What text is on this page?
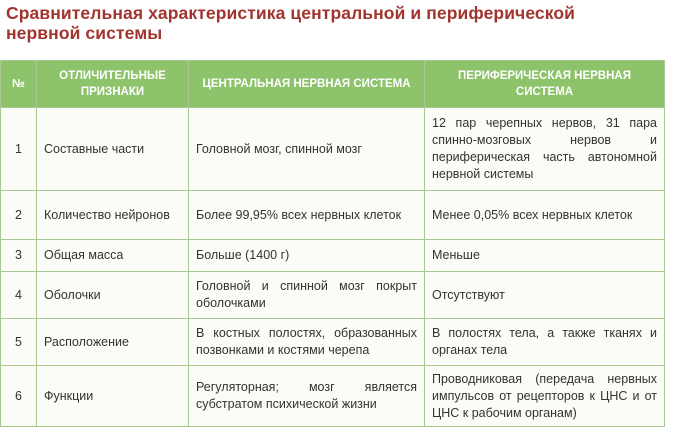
Сравнительная характеристика центральной и периферической нервной системы
№	ОТЛИЧИТЕЛЬНЫЕ ПРИЗНАКИ	ЦЕНТРАЛЬНАЯ НЕРВНАЯ СИСТЕМА	ПЕРИФЕРИЧЕСКАЯ НЕРВНАЯ СИСТЕМА
1	Составные части	Головной мозг, спинной мозг	12 пар черепных нервов, 31 пара спинно-мозговых нервов и периферическая часть автономной нервной системы
2	Количество нейронов	Более 99,95% всех нервных клеток	Менее 0,05% всех нервных клеток
3	Общая масса	Больше (1400 г)	Меньше
4	Оболочки	Головной и спинной мозг покрыт оболочками	Отсутствуют
5	Расположение	В костных полостях, образованных позвонками и костями черепа	В полостях тела, а также тканях и органах тела
6	Функции	Регуляторная; мозг является субстратом психической жизни	Проводниковая (передача нервных импульсов от рецепторов к ЦНС и от ЦНС к рабочим органам)
